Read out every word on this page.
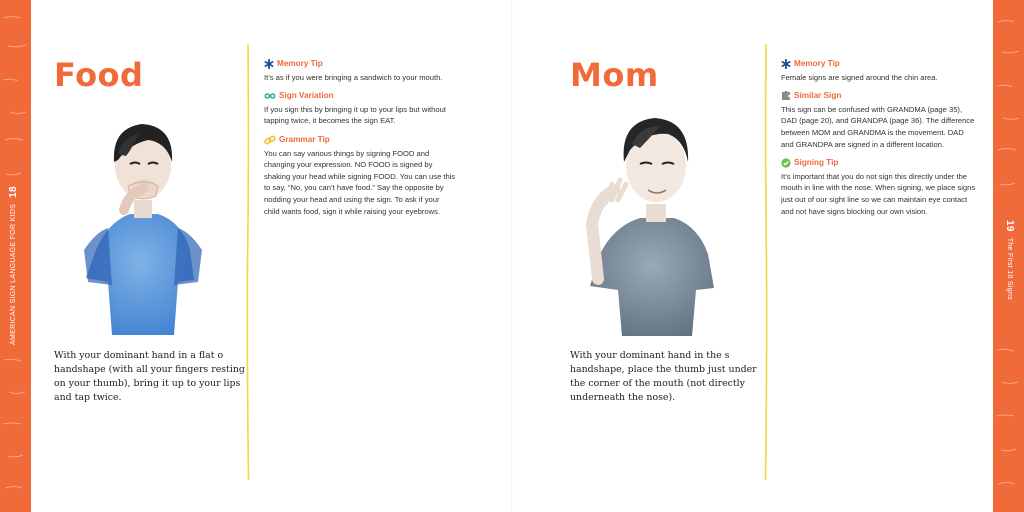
AMERICAN SIGN LANGUAGE FOR KIDS
18
19
The First 10 Signs
Food
With your dominant hand in a flat o handshape (with all your fingers resting on your thumb), bring it up to your lips and tap twice.
Memory Tip
It’s as if you were bringing a sandwich to your mouth.
Sign Variation
If you sign this by bringing it up to your lips but without tapping twice, it becomes the sign EAT.
Grammar Tip
You can say various things by signing FOOD and changing your expression. NO FOOD is signed by shaking your head while signing FOOD. You can use this to say, “No, you can’t have food.” Say the opposite by nodding your head and using the sign. To ask if your child wants food, sign it while raising your eyebrows.
Mom
With your dominant hand in the s handshape, place the thumb just under the corner of the mouth (not directly underneath the nose).
Memory Tip
Female signs are signed around the chin area.
Similar Sign
This sign can be confused with GRANDMA (page 35), DAD (page 20), and GRANDPA (page 36). The difference between MOM and GRANDMA is the movement. DAD and GRANDPA are signed in a different location.
Signing Tip
It’s important that you do not sign this directly under the mouth in line with the nose. When signing, we place signs just out of our sight line so we can maintain eye contact and not have signs blocking our own vision.
